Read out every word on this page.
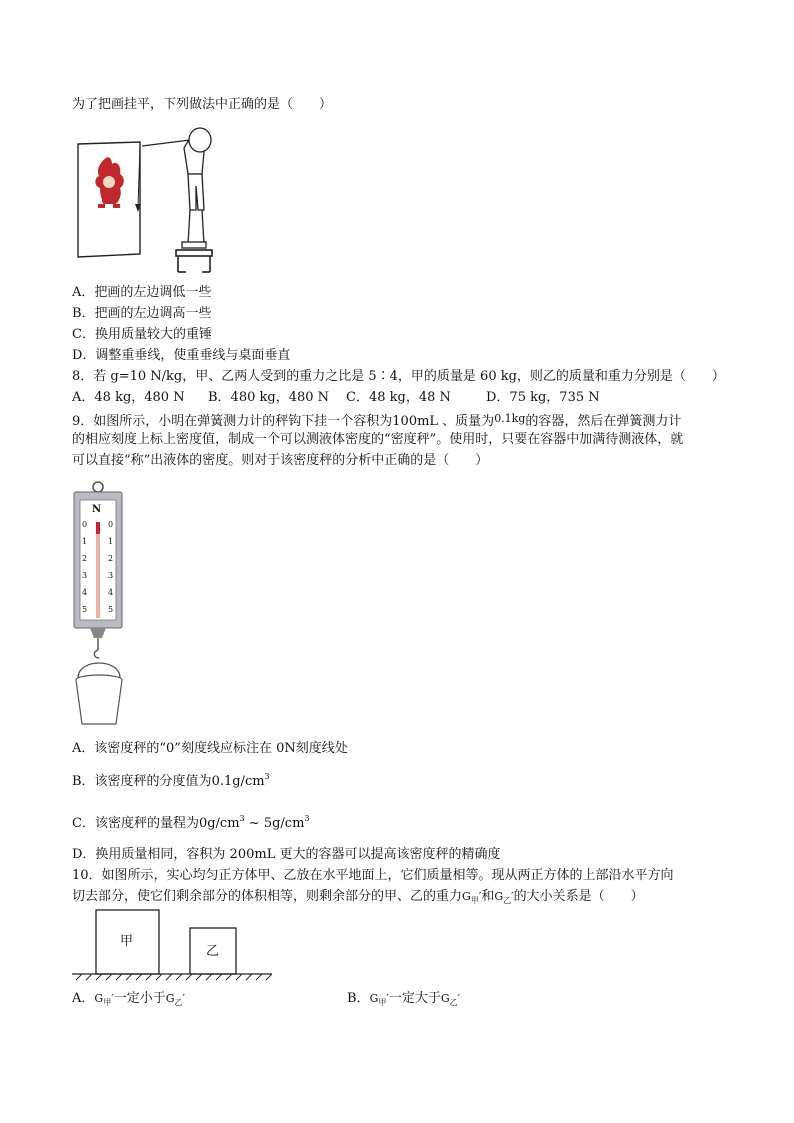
为了把画挂平，下列做法中正确的是（　　）
A．把画的左边调低一些
B．把画的左边调高一些
C．换用质量较大的重锤
D．调整重垂线，使重垂线与桌面垂直
8．若 g=10 N/kg，甲、乙两人受到的重力之比是 5∶4，甲的质量是 60 kg，则乙的质量和重力分别是（　　）
A．48 kg，480 N B．480 kg，480 N C．48 kg，48 N	D．75 kg，735 N
9．如图所示，小明在弹簧测力计的秤钩下挂一个容积为100mL 、质量为$^{0.1kg}$的容器，然后在弹簧测力计
的相应刻度上标上密度值，制成一个可以测液体密度的“密度秤”。使用时，只要在容器中加满待测液体，就
可以直接“称”出液体的密度。则对于该密度秤的分析中正确的是（　　）
N
0
1
2
3
4
5
0
1
2
3
4
5
A．该密度秤的“0”刻度线应标注在 0N刻度线处
B．该密度秤的分度值为$0.1g/cm^3$
C．该密度秤的量程为$0g/cm^3$ ~ $5g/cm^3$
D．换用质量相同，容积为 200mL 更大的容器可以提高该密度秤的精确度
10．如图所示，实心均匀正方体甲、乙放在水平地面上，它们质量相等。现从两正方体的上部沿水平方向
切去部分，使它们剩余部分的体积相等，则剩余部分的甲、乙的重力$G_甲'$和$G_乙'$的大小关系是（　　）
甲
乙
A．$G_甲'$一定小于$G_乙'$	B．$G_甲'$一定大于$G_乙'$
